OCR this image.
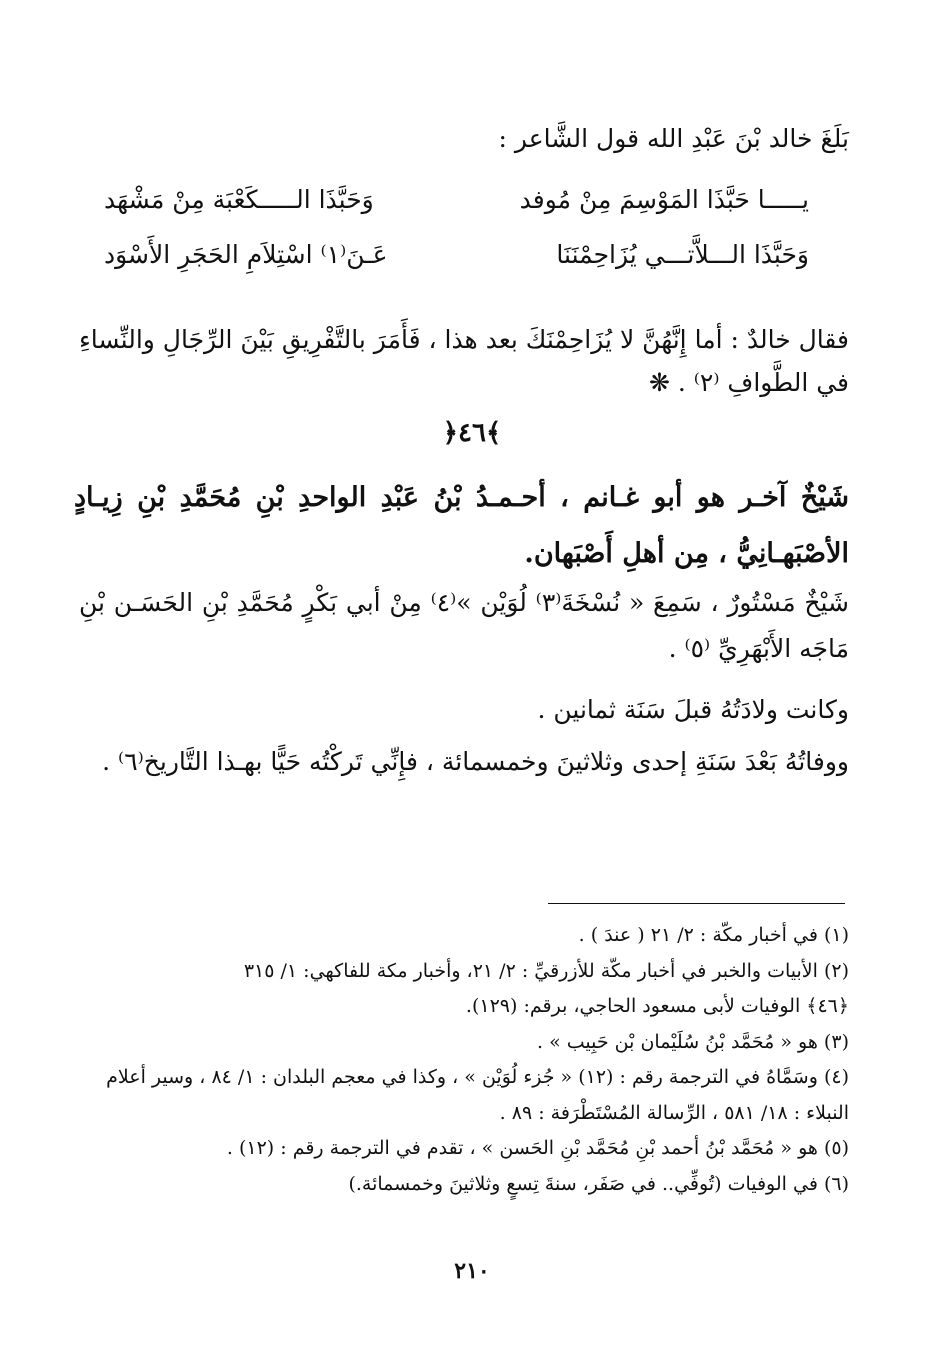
بَلَغَ خالد بْنَ عَبْدِ الله قول الشَّاعر :
يـــــا حَبَّذَا المَوْسِمَ مِنْ مُوفد
وَحَبَّذَا الـــــكَعْبَة مِنْ مَشْهَد
وَحَبَّذَا الـــلاَّتـــي يُزَاحِمْنَنَا
عَـنَ⁽١⁾ اسْتِلاَمِ الحَجَرِ الأَسْوَد
فقال خالدٌ : أما إِنَّهُنَّ لا يُزَاحِمْنَكَ بعد هذا ، فَأَمَرَ بالتَّفْرِيقِ بَيْنَ الرِّجَالِ والنِّساءِ في الطَّوافِ ⁽٢⁾ . ❋
﴿٤٦﴾
شَيْخٌ آخـر هو أبو غـانم ، أحـمـدُ بْنُ عَبْدِ الواحدِ بْنِ مُحَمَّدِ بْنِ زِيـادٍ الأصْبَهـانِيُّ ، مِن أهلِ أَصْبَهان.
شَيْخٌ مَسْتُورٌ ، سَمِعَ « نُسْخَةَ⁽٣⁾ لُوَيْن »⁽٤⁾ مِنْ أبي بَكْرٍ مُحَمَّدِ بْنِ الحَسَـن بْنِ مَاجَه الأَبْهَرِيِّ ⁽٥⁾ .
وكانت ولادَتُهُ قبلَ سَنَة ثمانين .
ووفاتُهُ بَعْدَ سَنَةِ إحدى وثلاثينَ وخمسمائة ، فإِنِّي تَركْتُه حَيًّا بهـذا التَّاريخ⁽٦⁾ .
(١) في أخبار مكّة : ٢/ ٢١ ( عندَ ) .
(٢) الأبيات والخبر في أخبار مكّة للأزرقيِّ : ٢/ ٢١، وأخبار مكة للفاكهي: ١/ ٣١٥
﴿٤٦﴾ الوفيات لأبى مسعود الحاجي، برقم: (١٢٩).
(٣) هو « مُحَمَّد بْنُ سُلَيْمان بْن حَبِيب » .
(٤) وسَمَّاهُ في الترجمة رقم : (١٢) « جُزء لُوَيْن » ، وكذا في معجم البلدان : ١/ ٨٤ ، وسير أعلام النبلاء : ١٨/ ٥٨١ ، الرِّسالة المُسْتَطْرَفة : ٨٩ .
(٥) هو « مُحَمَّد بْنُ أحمد بْنِ مُحَمَّد بْنِ الحَسن » ، تقدم في الترجمة رقم : (١٢) .
(٦) في الوفيات (تُوفِّي.. في صَفَر، سنةَ تِسعٍ وثلاثينَ وخمسمائة.)
٢١٠
